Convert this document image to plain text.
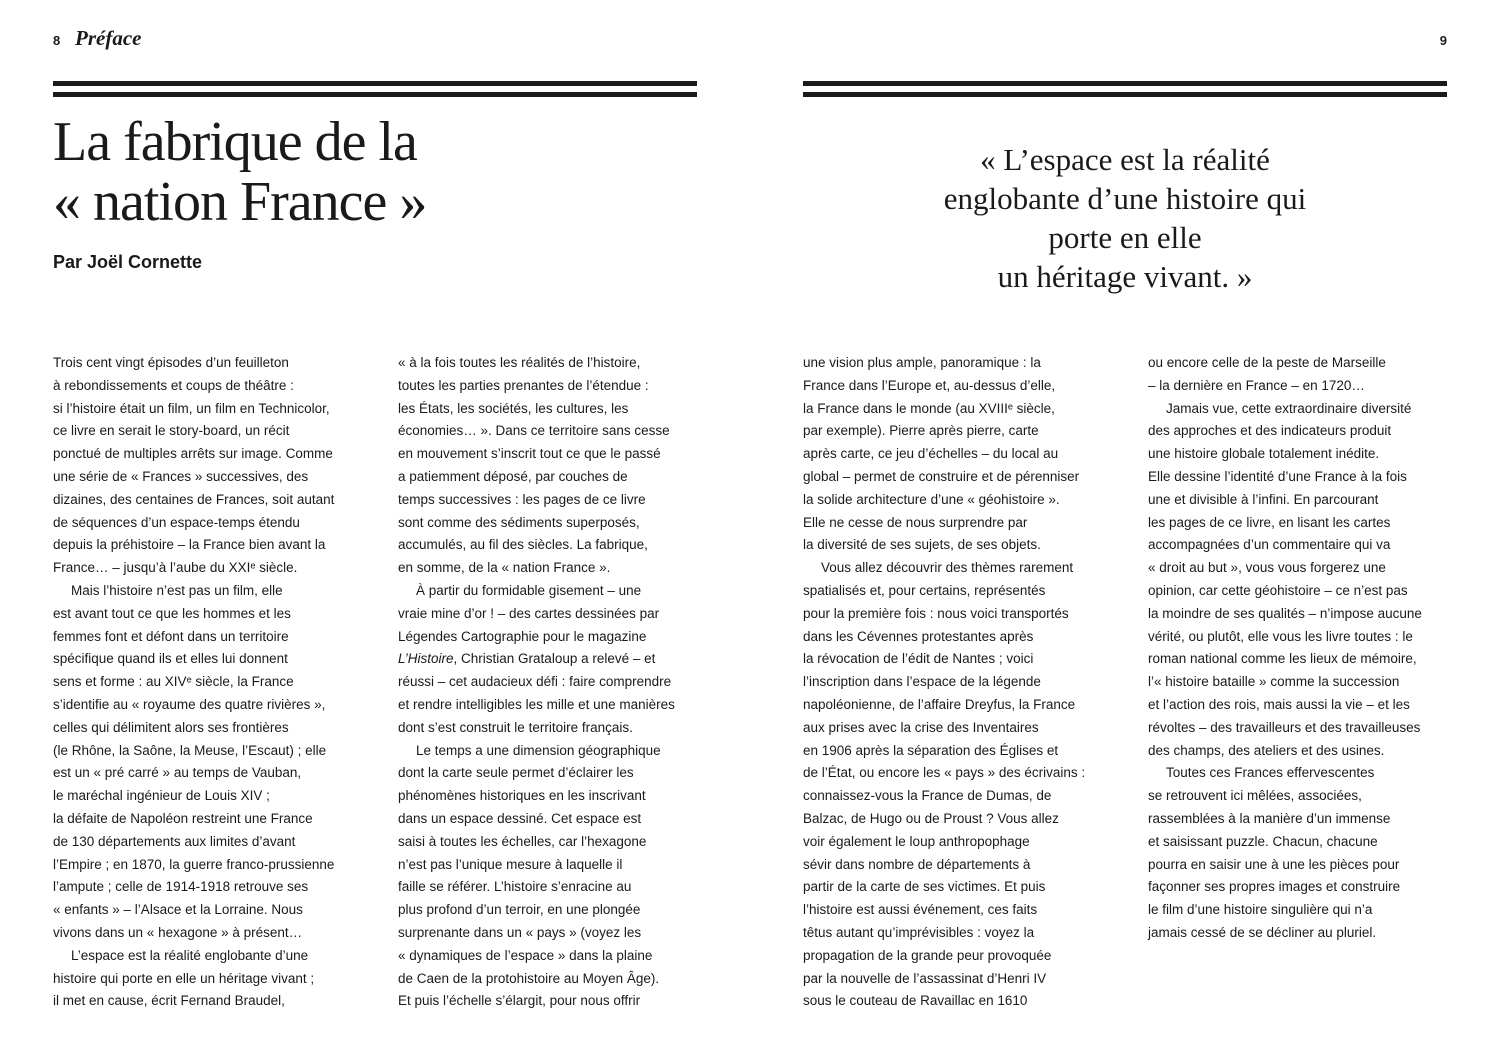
8 Préface
La fabrique de la
« nation France »
Par Joël Cornette
Trois cent vingt épisodes d’un feuilleton
à rebondissements et coups de théâtre :
si l’histoire était un film, un film en Technicolor,
ce livre en serait le story-board, un récit
ponctué de multiples arrêts sur image. Comme
une série de « Frances » successives, des
dizaines, des centaines de Frances, soit autant
de séquences d’un espace-temps étendu
depuis la préhistoire – la France bien avant la
France… – jusqu’à l’aube du XXIᵉ siècle.
Mais l’histoire n’est pas un film, elle
est avant tout ce que les hommes et les
femmes font et défont dans un territoire
spécifique quand ils et elles lui donnent
sens et forme : au XIVᵉ siècle, la France
s’identifie au « royaume des quatre rivières »,
celles qui délimitent alors ses frontières
(le Rhône, la Saône, la Meuse, l’Escaut) ; elle
est un « pré carré » au temps de Vauban,
le maréchal ingénieur de Louis XIV ;
la défaite de Napoléon restreint une France
de 130 départements aux limites d’avant
l’Empire ; en 1870, la guerre franco-prussienne
l’ampute ; celle de 1914-1918 retrouve ses
« enfants » – l’Alsace et la Lorraine. Nous
vivons dans un « hexagone » à présent…
L’espace est la réalité englobante d’une
histoire qui porte en elle un héritage vivant ;
il met en cause, écrit Fernand Braudel,
« à la fois toutes les réalités de l’histoire,
toutes les parties prenantes de l’étendue :
les États, les sociétés, les cultures, les
économies… ». Dans ce territoire sans cesse
en mouvement s’inscrit tout ce que le passé
a patiemment déposé, par couches de
temps successives : les pages de ce livre
sont comme des sédiments superposés,
accumulés, au fil des siècles. La fabrique,
en somme, de la « nation France ».
À partir du formidable gisement – une
vraie mine d’or ! – des cartes dessinées par
Légendes Cartographie pour le magazine
L’Histoire, Christian Grataloup a relevé – et
réussi – cet audacieux défi : faire comprendre
et rendre intelligibles les mille et une manières
dont s’est construit le territoire français.
Le temps a une dimension géographique
dont la carte seule permet d’éclairer les
phénomènes historiques en les inscrivant
dans un espace dessiné. Cet espace est
saisi à toutes les échelles, car l’hexagone
n’est pas l’unique mesure à laquelle il
faille se référer. L’histoire s’enracine au
plus profond d’un terroir, en une plongée
surprenante dans un « pays » (voyez les
« dynamiques de l’espace » dans la plaine
de Caen de la protohistoire au Moyen Âge).
Et puis l’échelle s’élargit, pour nous offrir
9
« L’espace est la réalité
englobante d’une histoire qui
porte en elle
un héritage vivant. »
une vision plus ample, panoramique : la
France dans l’Europe et, au-dessus d’elle,
la France dans le monde (au XVIIIᵉ siècle,
par exemple). Pierre après pierre, carte
après carte, ce jeu d’échelles – du local au
global – permet de construire et de pérenniser
la solide architecture d’une « géohistoire ».
Elle ne cesse de nous surprendre par
la diversité de ses sujets, de ses objets.
Vous allez découvrir des thèmes rarement
spatialisés et, pour certains, représentés
pour la première fois : nous voici transportés
dans les Cévennes protestantes après
la révocation de l’édit de Nantes ; voici
l’inscription dans l’espace de la légende
napoléonienne, de l’affaire Dreyfus, la France
aux prises avec la crise des Inventaires
en 1906 après la séparation des Églises et
de l’État, ou encore les « pays » des écrivains :
connaissez-vous la France de Dumas, de
Balzac, de Hugo ou de Proust ? Vous allez
voir également le loup anthropophage
sévir dans nombre de départements à
partir de la carte de ses victimes. Et puis
l’histoire est aussi événement, ces faits
têtus autant qu’imprévisibles : voyez la
propagation de la grande peur provoquée
par la nouvelle de l’assassinat d’Henri IV
sous le couteau de Ravaillac en 1610
ou encore celle de la peste de Marseille
– la dernière en France – en 1720…
Jamais vue, cette extraordinaire diversité
des approches et des indicateurs produit
une histoire globale totalement inédite.
Elle dessine l’identité d’une France à la fois
une et divisible à l’infini. En parcourant
les pages de ce livre, en lisant les cartes
accompagnées d’un commentaire qui va
« droit au but », vous vous forgerez une
opinion, car cette géohistoire – ce n’est pas
la moindre de ses qualités – n’impose aucune
vérité, ou plutôt, elle vous les livre toutes : le
roman national comme les lieux de mémoire,
l’« histoire bataille » comme la succession
et l’action des rois, mais aussi la vie – et les
révoltes – des travailleurs et des travailleuses
des champs, des ateliers et des usines.
Toutes ces Frances effervescentes
se retrouvent ici mêlées, associées,
rassemblées à la manière d’un immense
et saisissant puzzle. Chacun, chacune
pourra en saisir une à une les pièces pour
façonner ses propres images et construire
le film d’une histoire singulière qui n’a
jamais cessé de se décliner au pluriel.
